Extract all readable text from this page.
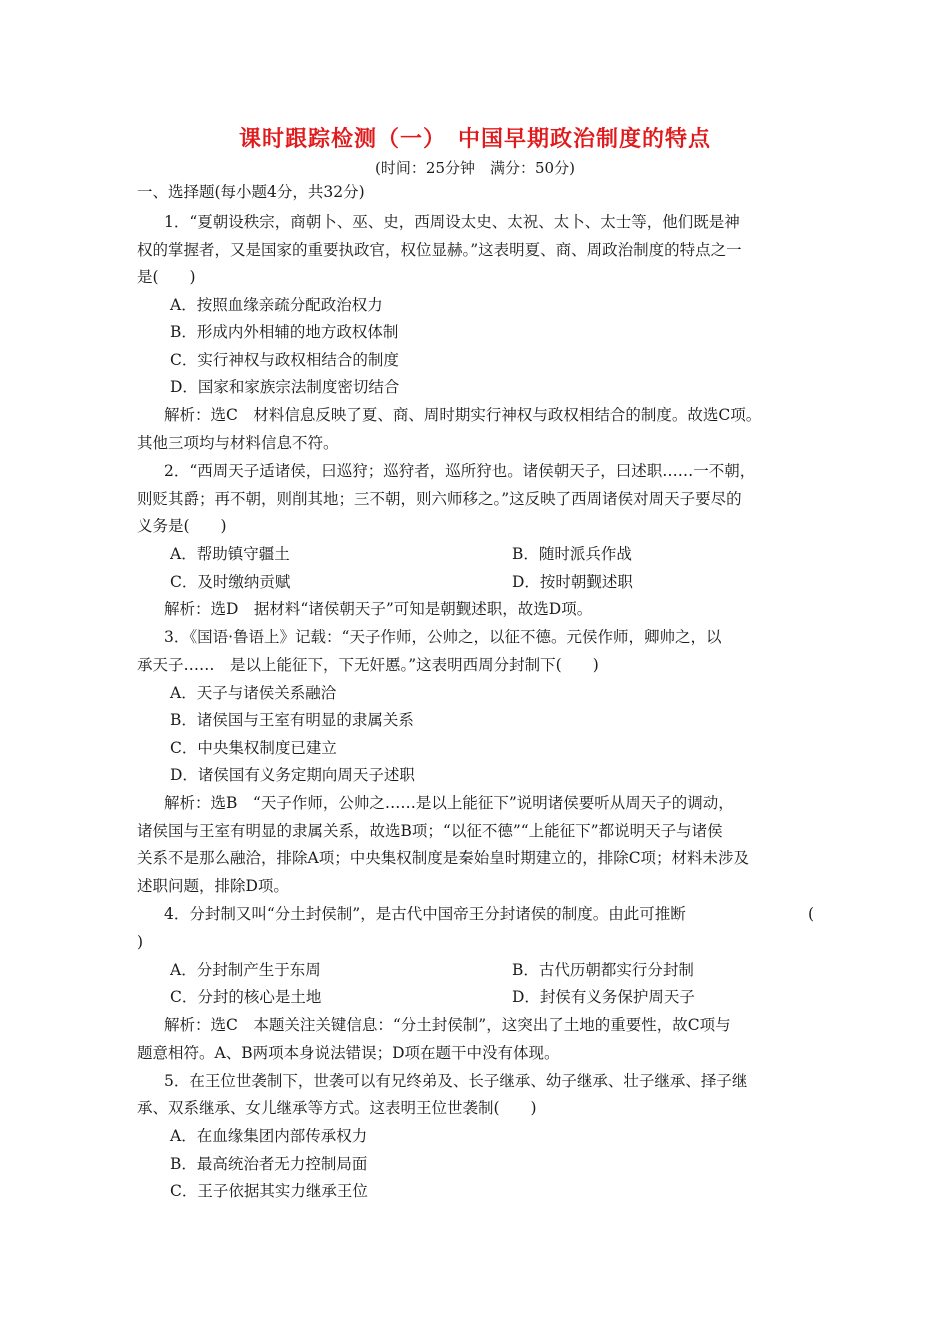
课时跟踪检测（一）　中国早期政治制度的特点
(时间：25分钟　满分：50分)
一、选择题(每小题4分，共32分)
1．“夏朝设秩宗，商朝卜、巫、史，西周设太史、太祝、太卜、太士等，他们既是神
权的掌握者，又是国家的重要执政官，权位显赫。”这表明夏、商、周政治制度的特点之一
是(　　)
A．按照血缘亲疏分配政治权力
B．形成内外相辅的地方政权体制
C．实行神权与政权相结合的制度
D．国家和家族宗法制度密切结合
解析：选C　材料信息反映了夏、商、周时期实行神权与政权相结合的制度。故选C项。
其他三项均与材料信息不符。
2．“西周天子适诸侯，曰巡狩；巡狩者，巡所狩也。诸侯朝天子，曰述职……一不朝，
则贬其爵；再不朝，则削其地；三不朝，则六师移之。”这反映了西周诸侯对周天子要尽的
义务是(　　)
A．帮助镇守疆土	B．随时派兵作战
C．及时缴纳贡赋	D．按时朝觐述职
解析：选D　据材料“诸侯朝天子”可知是朝觐述职，故选D项。
3．《国语·鲁语上》记载：“天子作师，公帅之，以征不德。元侯作师，卿帅之，以
承天子……　是以上能征下，下无奸慝。”这表明西周分封制下(　　)
A．天子与诸侯关系融洽
B．诸侯国与王室有明显的隶属关系
C．中央集权制度已建立
D．诸侯国有义务定期向周天子述职
解析：选B　“天子作师，公帅之……是以上能征下”说明诸侯要听从周天子的调动，
诸侯国与王室有明显的隶属关系，故选B项；“以征不德”“上能征下”都说明天子与诸侯
关系不是那么融洽，排除A项；中央集权制度是秦始皇时期建立的，排除C项；材料未涉及
述职问题，排除D项。
4．分封制又叫“分土封侯制”，是古代中国帝王分封诸侯的制度。由此可推断	(
)
A．分封制产生于东周	B．古代历朝都实行分封制
C．分封的核心是土地	D．封侯有义务保护周天子
解析：选C　本题关注关键信息：“分土封侯制”，这突出了土地的重要性，故C项与
题意相符。A、B两项本身说法错误；D项在题干中没有体现。
5．在王位世袭制下，世袭可以有兄终弟及、长子继承、幼子继承、壮子继承、择子继
承、双系继承、女儿继承等方式。这表明王位世袭制(　　)
A．在血缘集团内部传承权力
B．最高统治者无力控制局面
C．王子依据其实力继承王位
